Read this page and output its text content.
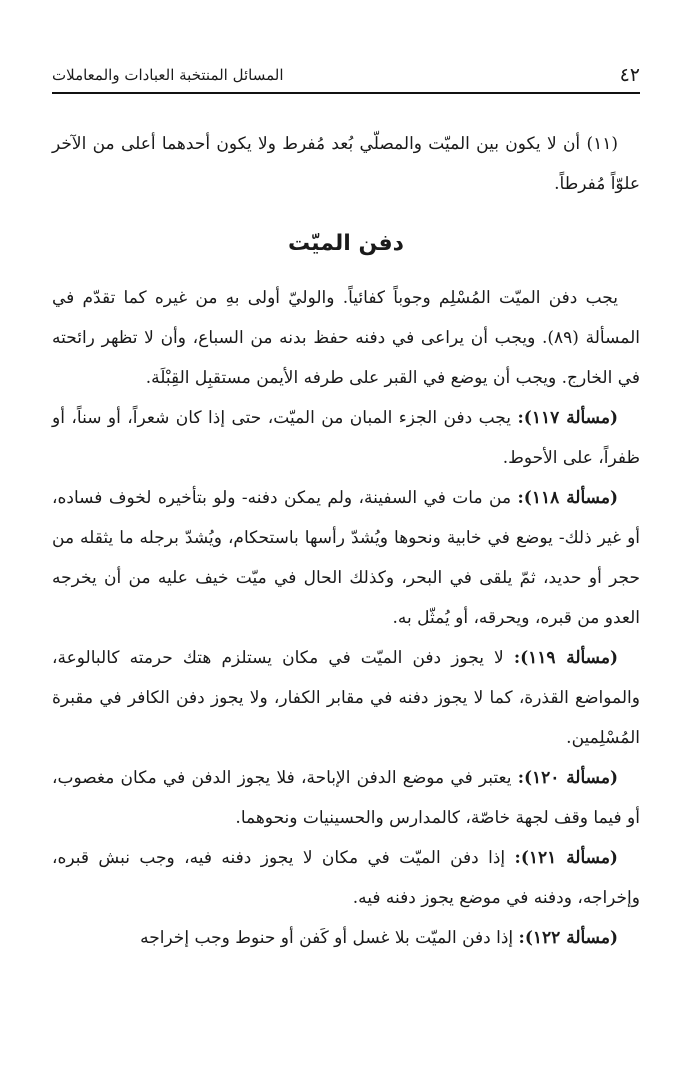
٤٢
المسائل المنتخبة العبادات والمعاملات

(١١) أن لا يكون بين الميّت والمصلّي بُعد مُفرط ولا يكون أحدهما أعلى من الآخر علوّاً مُفرطاً.

دفن الميّت

يجب دفن الميّت المُسْلِم وجوباً كفائياً. والوليّ أولى بهِ من غيره كما تقدّم في المسألة (٨٩). ويجب أن يراعى في دفنه حفظ بدنه من السباع، وأن لا تظهر رائحته في الخارج. ويجب أن يوضع في القبر على طرفه الأيمن مستقبِل القِبْلَة.

(مسألة ١١٧): يجب دفن الجزء المبان من الميّت، حتى إذا كان شعراً، أو سناً، أو ظفراً، على الأحوط.

(مسألة ١١٨): من مات في السفينة، ولم يمكن دفنه- ولو بتأخيره لخوف فساده، أو غير ذلك- يوضع في خابية ونحوها ويُشدّ رأسها باستحكام، ويُشدّ برجله ما يثقله من حجر أو حديد، ثمّ يلقى في البحر، وكذلك الحال في ميّت خيف عليه من أن يخرجه العدو من قبره، ويحرقه، أو يُمثّل به.

(مسألة ١١٩): لا يجوز دفن الميّت في مكان يستلزم هتك حرمته كالبالوعة، والمواضع القذرة، كما لا يجوز دفنه في مقابر الكفار، ولا يجوز دفن الكافر في مقبرة المُسْلِمين.

(مسألة ١٢٠): يعتبر في موضع الدفن الإباحة، فلا يجوز الدفن في مكان مغصوب، أو فيما وقف لجهة خاصّة، كالمدارس والحسينيات ونحوهما.

(مسألة ١٢١): إذا دفن الميّت في مكان لا يجوز دفنه فيه، وجب نبش قبره، وإخراجه، ودفنه في موضع يجوز دفنه فيه.

(مسألة ١٢٢): إذا دفن الميّت بلا غسل أو كَفن أو حنوط وجب إخراجه
